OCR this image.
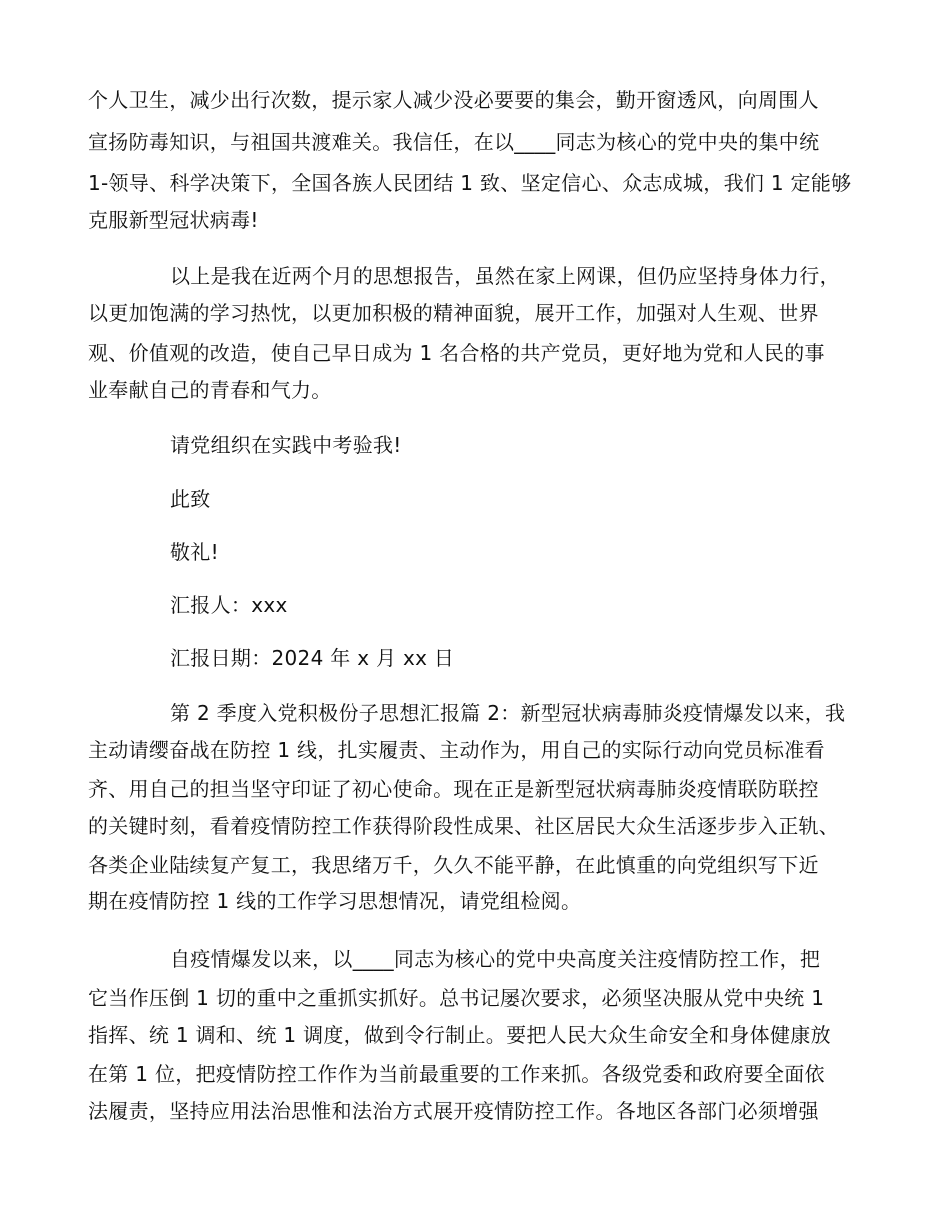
个人卫生，减少出行次数，提示家人减少没必要要的集会，勤开窗透风，向周围人
宣扬防毒知识，与祖国共渡难关。我信任，在以____同志为核心的党中央的集中统
1-领导、科学决策下，全国各族人民团结 1 致、坚定信心、众志成城，我们 1 定能够
克服新型冠状病毒!
以上是我在近两个月的思想报告，虽然在家上网课，但仍应坚持身体力行，
以更加饱满的学习热忱，以更加积极的精神面貌，展开工作，加强对人生观、世界
观、价值观的改造，使自己早日成为 1 名合格的共产党员，更好地为党和人民的事
业奉献自己的青春和气力。
请党组织在实践中考验我!
此致
敬礼!
汇报人：xxx
汇报日期：2024 年 x 月 xx 日
第 2 季度入党积极份子思想汇报篇 2：新型冠状病毒肺炎疫情爆发以来，我
主动请缨奋战在防控 1 线，扎实履责、主动作为，用自己的实际行动向党员标准看
齐、用自己的担当坚守印证了初心使命。现在正是新型冠状病毒肺炎疫情联防联控
的关键时刻，看着疫情防控工作获得阶段性成果、社区居民大众生活逐步步入正轨、
各类企业陆续复产复工，我思绪万千，久久不能平静，在此慎重的向党组织写下近
期在疫情防控 1 线的工作学习思想情况，请党组检阅。
自疫情爆发以来，以____同志为核心的党中央高度关注疫情防控工作，把
它当作压倒 1 切的重中之重抓实抓好。总书记屡次要求，必须坚决服从党中央统 1
指挥、统 1 调和、统 1 调度，做到令行制止。要把人民大众生命安全和身体健康放
在第 1 位，把疫情防控工作作为当前最重要的工作来抓。各级党委和政府要全面依
法履责，坚持应用法治思惟和法治方式展开疫情防控工作。各地区各部门必须增强
